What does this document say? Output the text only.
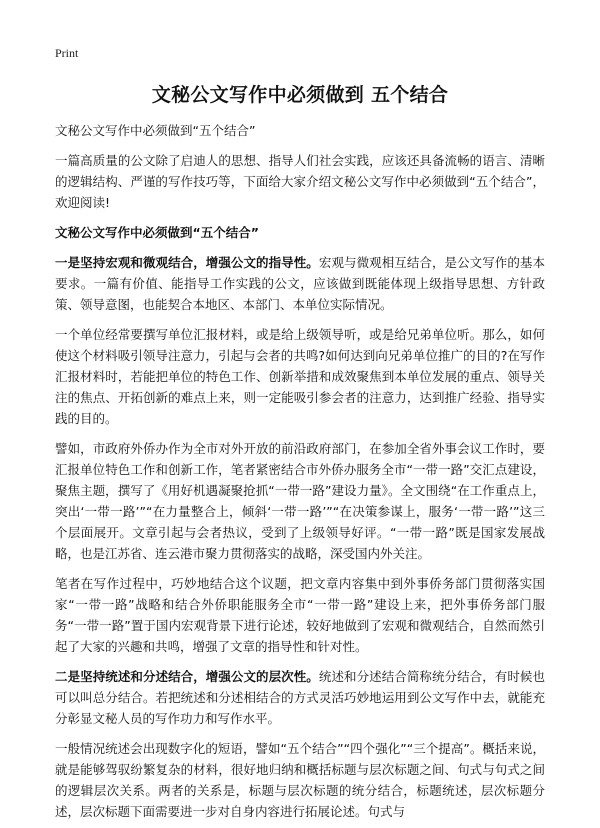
Print
文秘公文写作中必须做到 五个结合

文秘公文写作中必须做到“五个结合”

一篇高质量的公文除了启迪人的思想、指导人们社会实践，应该还具备流畅的语言、清晰的逻辑结构、严谨的写作技巧等，下面给大家介绍文秘公文写作中必须做到“五个结合”，欢迎阅读!

文秘公文写作中必须做到“五个结合”

一是坚持宏观和微观结合，增强公文的指导性。宏观与微观相互结合，是公文写作的基本要求。一篇有价值、能指导工作实践的公文，应该做到既能体现上级指导思想、方针政策、领导意图，也能契合本地区、本部门、本单位实际情况。

一个单位经常要撰写单位汇报材料，或是给上级领导听，或是给兄弟单位听。那么，如何使这个材料吸引领导注意力，引起与会者的共鸣?如何达到向兄弟单位推广的目的?在写作汇报材料时，若能把单位的特色工作、创新举措和成效聚焦到本单位发展的重点、领导关注的焦点、开拓创新的难点上来，则一定能吸引参会者的注意力，达到推广经验、指导实践的目的。

譬如，市政府外侨办作为全市对外开放的前沿政府部门，在参加全省外事会议工作时，要汇报单位特色工作和创新工作，笔者紧密结合市外侨办服务全市“一带一路”交汇点建设，聚焦主题，撰写了《用好机遇凝聚抢抓“一带一路”建设力量》。全文围绕“在工作重点上，突出‘一带一路’”“在力量整合上，倾斜‘一带一路’”“在决策参谋上，服务‘一带一路’”这三个层面展开。文章引起与会者热议，受到了上级领导好评。“一带一路”既是国家发展战略，也是江苏省、连云港市聚力贯彻落实的战略，深受国内外关注。

笔者在写作过程中，巧妙地结合这个议题，把文章内容集中到外事侨务部门贯彻落实国家“一带一路”战略和结合外侨职能服务全市“一带一路”建设上来，把外事侨务部门服务“一带一路”置于国内宏观背景下进行论述，较好地做到了宏观和微观结合，自然而然引起了大家的兴趣和共鸣，增强了文章的指导性和针对性。

二是坚持统述和分述结合，增强公文的层次性。统述和分述结合简称统分结合，有时候也可以叫总分结合。若把统述和分述相结合的方式灵活巧妙地运用到公文写作中去，就能充分彰显文秘人员的写作功力和写作水平。

一般情况统述会出现数字化的短语，譬如“五个结合”“四个强化”“三个提高”。概括来说，就是能够驾驭纷繁复杂的材料，很好地归纳和概括标题与层次标题之间、句式与句式之间的逻辑层次关系。两者的关系是，标题与层次标题的统分结合，标题统述，层次标题分述，层次标题下面需要进一步对自身内容进行拓展论述。句式与
